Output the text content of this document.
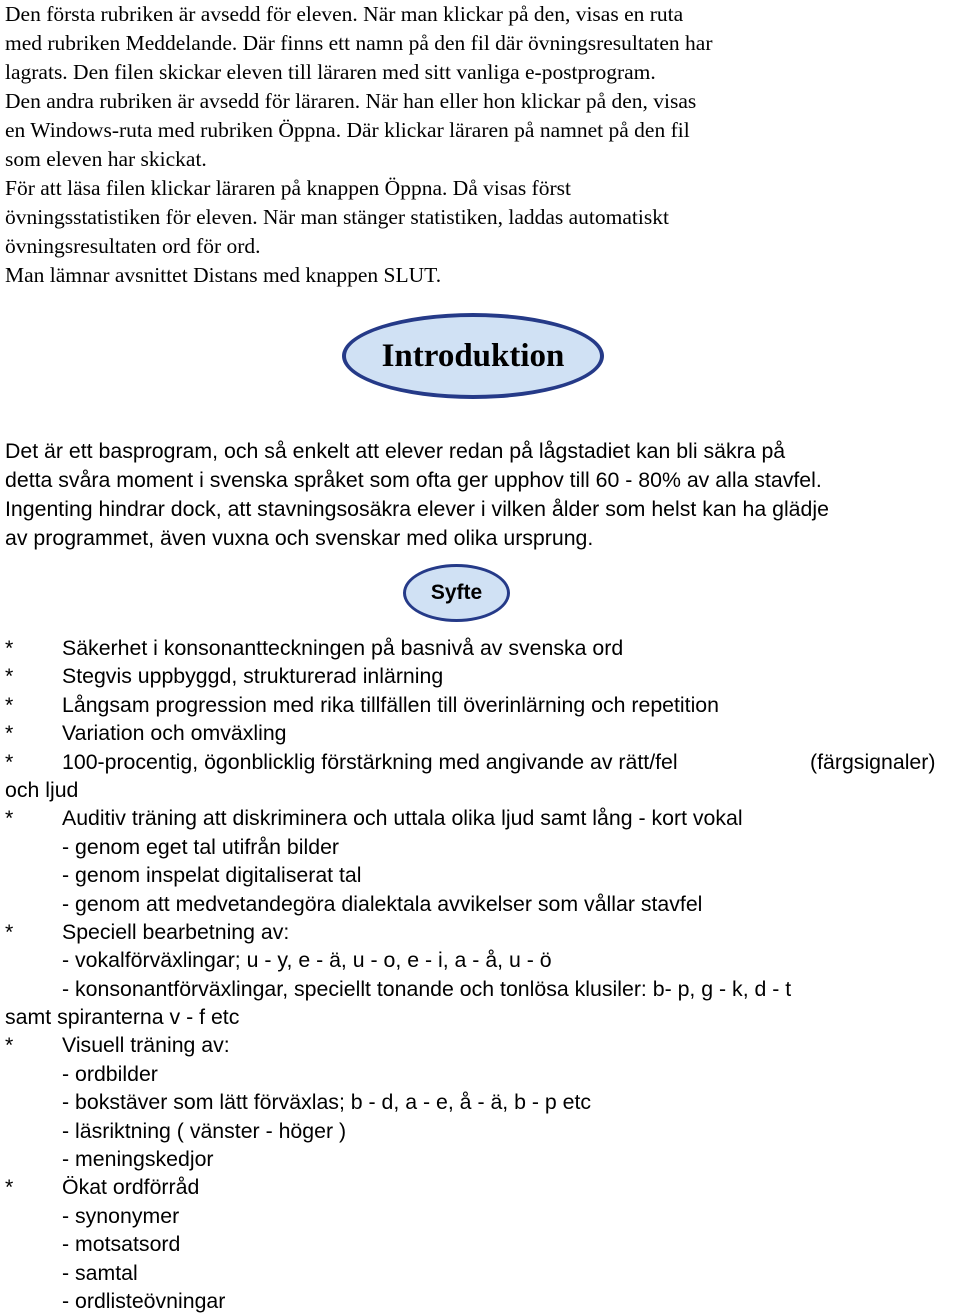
Den första rubriken är avsedd för eleven. När man klickar på den, visas en ruta
med rubriken Meddelande. Där finns ett namn på den fil där övningsresultaten har
lagrats. Den filen skickar eleven till läraren med sitt vanliga e-postprogram.
Den andra rubriken är avsedd för läraren. När han eller hon klickar på den, visas
en Windows-ruta med rubriken Öppna. Där klickar läraren på namnet på den fil
som eleven har skickat.
För att läsa filen klickar läraren på knappen Öppna. Då visas först
övningsstatistiken för eleven. När man stänger statistiken, laddas automatiskt
övningsresultaten ord för ord.
Man lämnar avsnittet Distans med knappen SLUT.
Introduktion
Det är ett basprogram, och så enkelt att elever redan på lågstadiet kan bli säkra på
detta svåra moment i svenska språket som ofta ger upphov till 60 - 80% av alla stavfel.
Ingenting hindrar dock, att stavningsosäkra elever i vilken ålder som helst kan ha glädje
av programmet, även vuxna och svenskar med olika ursprung.
Syfte
* Säkerhet i konsonantteckningen på basnivå av svenska ord
* Stegvis uppbyggd, strukturerad inlärning
* Långsam progression med rika tillfällen till överinlärning och repetition
* Variation och omväxling
* 100-procentig, ögonblicklig förstärkning med angivande av rätt/fel	(färgsignaler)
och ljud
* Auditiv träning att diskriminera och uttala olika ljud samt lång - kort vokal
- genom eget tal utifrån bilder
- genom inspelat digitaliserat tal
- genom att medvetandegöra dialektala avvikelser som vållar stavfel
* Speciell bearbetning av:
- vokalförväxlingar; u - y, e - ä, u - o, e - i, a - å, u - ö
- konsonantförväxlingar, speciellt tonande och tonlösa klusiler: b- p, g - k, d - t
samt spiranterna v - f etc
* Visuell träning av:
- ordbilder
- bokstäver som lätt förväxlas; b - d, a - e, å - ä, b - p etc
- läsriktning ( vänster - höger )
- meningskedjor
* Ökat ordförråd
- synonymer
- motsatsord
- samtal
- ordlisteövningar
